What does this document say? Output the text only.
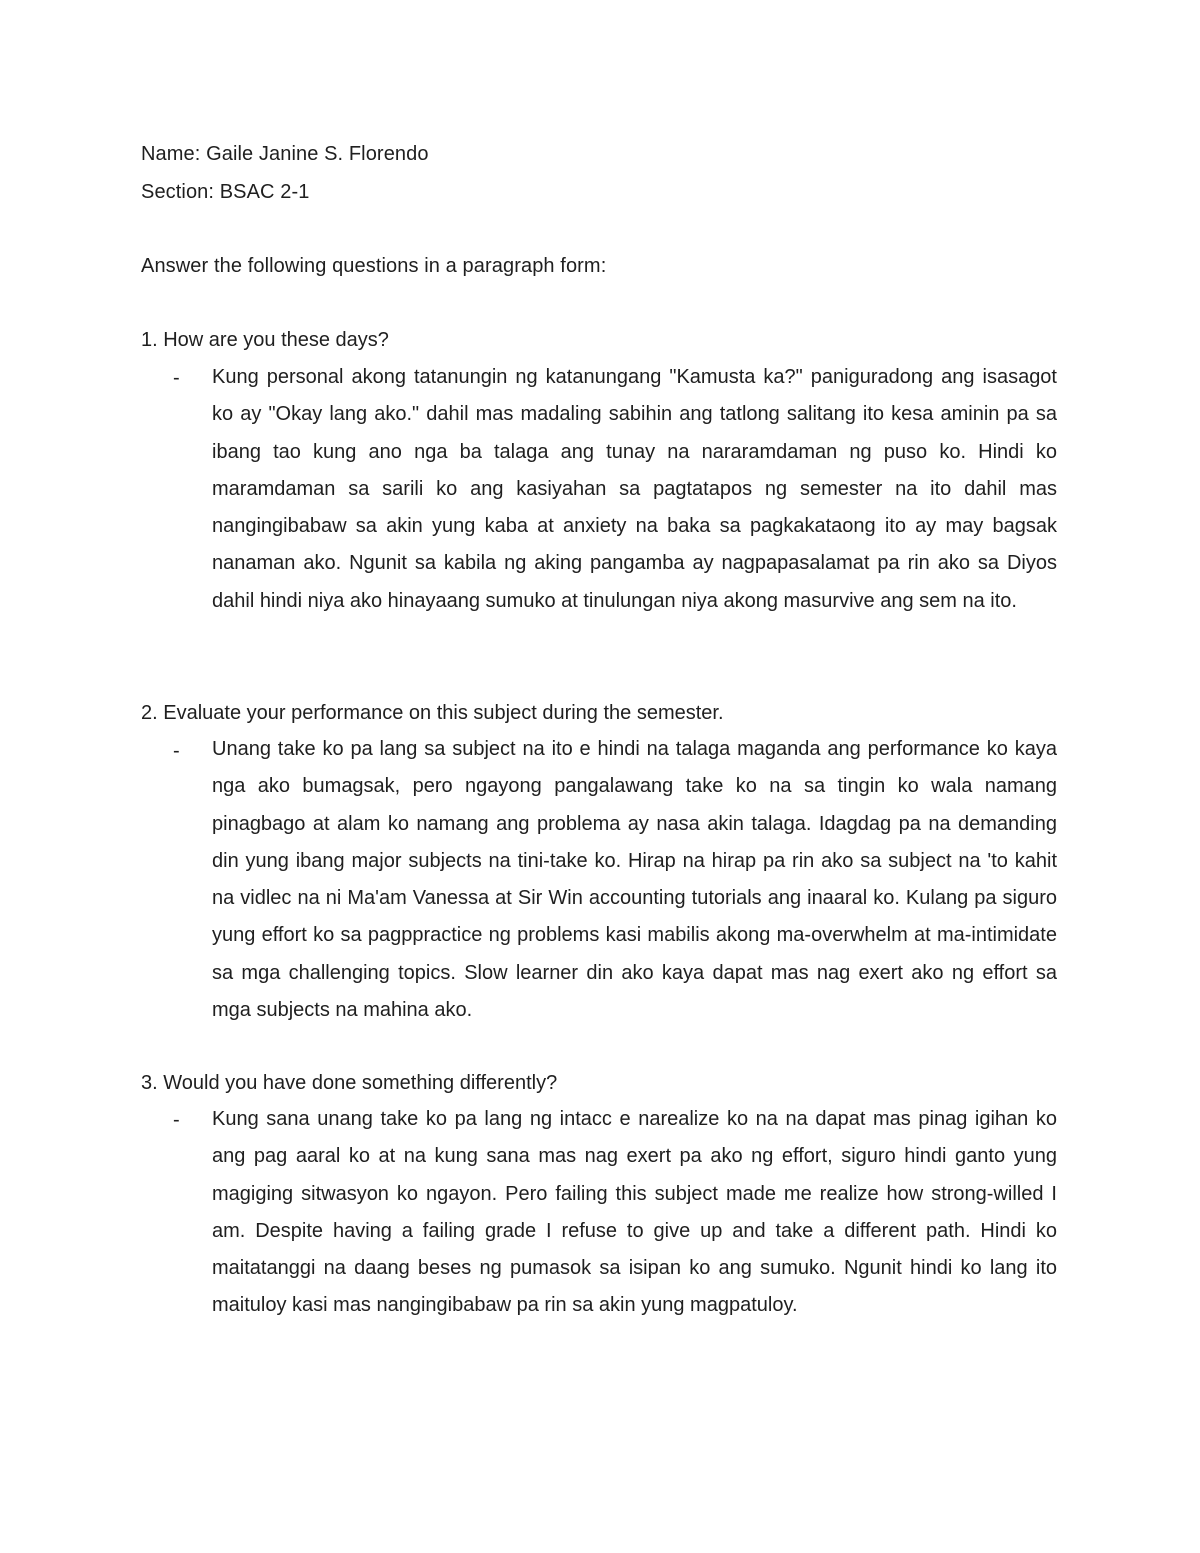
Name: Gaile Janine S. Florendo
Section: BSAC 2-1
Answer the following questions in a paragraph form:
1. How are you these days?
- Kung personal akong tatanungin ng katanungang "Kamusta ka?" paniguradong ang isasagot ko ay "Okay lang ako." dahil mas madaling sabihin ang tatlong salitang ito kesa aminin pa sa ibang tao kung ano nga ba talaga ang tunay na nararamdaman ng puso ko. Hindi ko maramdaman sa sarili ko ang kasiyahan sa pagtatapos ng semester na ito dahil mas nangingibabaw sa akin yung kaba at anxiety na baka sa pagkakataong ito ay may bagsak nanaman ako. Ngunit sa kabila ng aking pangamba ay nagpapasalamat pa rin ako sa Diyos dahil hindi niya ako hinayaang sumuko at tinulungan niya akong masurvive ang sem na ito.

2. Evaluate your performance on this subject during the semester.
- Unang take ko pa lang sa subject na ito e hindi na talaga maganda ang performance ko kaya nga ako bumagsak, pero ngayong pangalawang take ko na sa tingin ko wala namang pinagbago at alam ko namang ang problema ay nasa akin talaga. Idagdag pa na demanding din yung ibang major subjects na tini-take ko. Hirap na hirap pa rin ako sa subject na 'to kahit na vidlec na ni Ma'am Vanessa at Sir Win accounting tutorials ang inaaral ko. Kulang pa siguro yung effort ko sa pagppractice ng problems kasi mabilis akong ma-overwhelm at ma-intimidate sa mga challenging topics. Slow learner din ako kaya dapat mas nag exert ako ng effort sa mga subjects na mahina ako.

3. Would you have done something differently?
- Kung sana unang take ko pa lang ng intacc e narealize ko na na dapat mas pinag igihan ko ang pag aaral ko at na kung sana mas nag exert pa ako ng effort, siguro hindi ganto yung magiging sitwasyon ko ngayon. Pero failing this subject made me realize how strong-willed I am. Despite having a failing grade I refuse to give up and take a different path. Hindi ko maitatanggi na daang beses ng pumasok sa isipan ko ang sumuko. Ngunit hindi ko lang ito maituloy kasi mas nangingibabaw pa rin sa akin yung magpatuloy.
